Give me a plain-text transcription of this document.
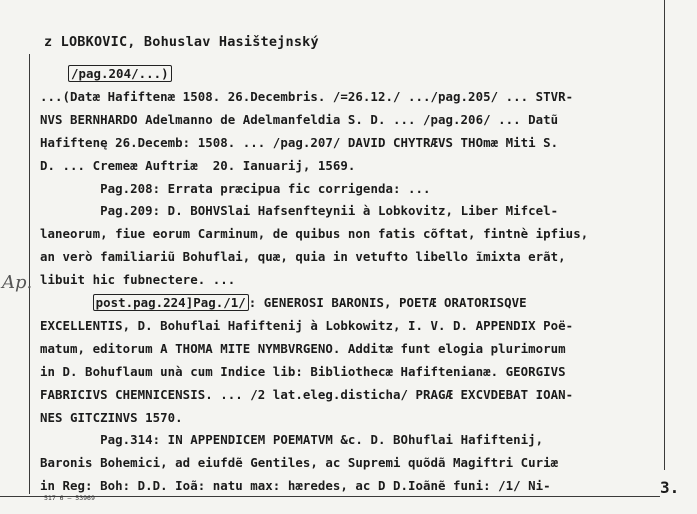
z LOBKOVIC, Bohuslav Hasištejnský
Ap.
/pag.204/...)
...(Datæ Hafiftenæ 1508. 26.Decembris. /=26.12./ .../pag.205/ ... STVR-
NVS BERNHARDO Adelmanno de Adelmanfeldia S. D. ... /pag.206/ ... Datũ
Hafiftenę 26.Decemb: 1508. ... /pag.207/ DAVID CHYTRÆVS THOmæ Miti S.
D. ... Cremeæ Auftriæ  20. Ianuarij, 1569.
Pag.208: Errata præcipua fic corrigenda: ...
Pag.209: D. BOHVSlai Hafsenfteynii à Lobkovitz, Liber Mifcel-
laneorum, fiue eorum Carminum, de quibus non fatis cõftat, fintnè ipfius,
an verò familiariũ Bohuflai, quæ, quia in vetufto libello ĩmixta erãt,
libuit hic fubnectere. ...
post.pag.224]Pag./1/ : GENEROSI BARONIS, POETÆ ORATORISQVE
EXCELLENTIS, D. Bohuflai Hafiftenij à Lobkowitz, I. V. D. APPENDIX Poë-
matum, editorum A THOMA MITE NYMBVRGENO. Additæ funt elogia plurimorum
in D. Bohuflaum unà cum Indice lib: Bibliothecæ Hafiftenianæ. GEORGIVS
FABRICIVS CHEMNICENSIS. ... /2 lat.eleg.disticha/ PRAGÆ EXCVDEBAT IOAN-
NES GITCZINVS 1570.
Pag.314: IN APPENDICEM POEMATVM &c. D. BOhuflai Hafiftenij,
Baronis Bohemici, ad eiufdẽ Gentiles, ac Supremi quõdã Magiftri Curiæ
in Reg: Boh: D.D. Ioã: natu max: hæredes, ac D D.Ioãnẽ funi: /1/ Ni-	3.
517 6 — 53969
